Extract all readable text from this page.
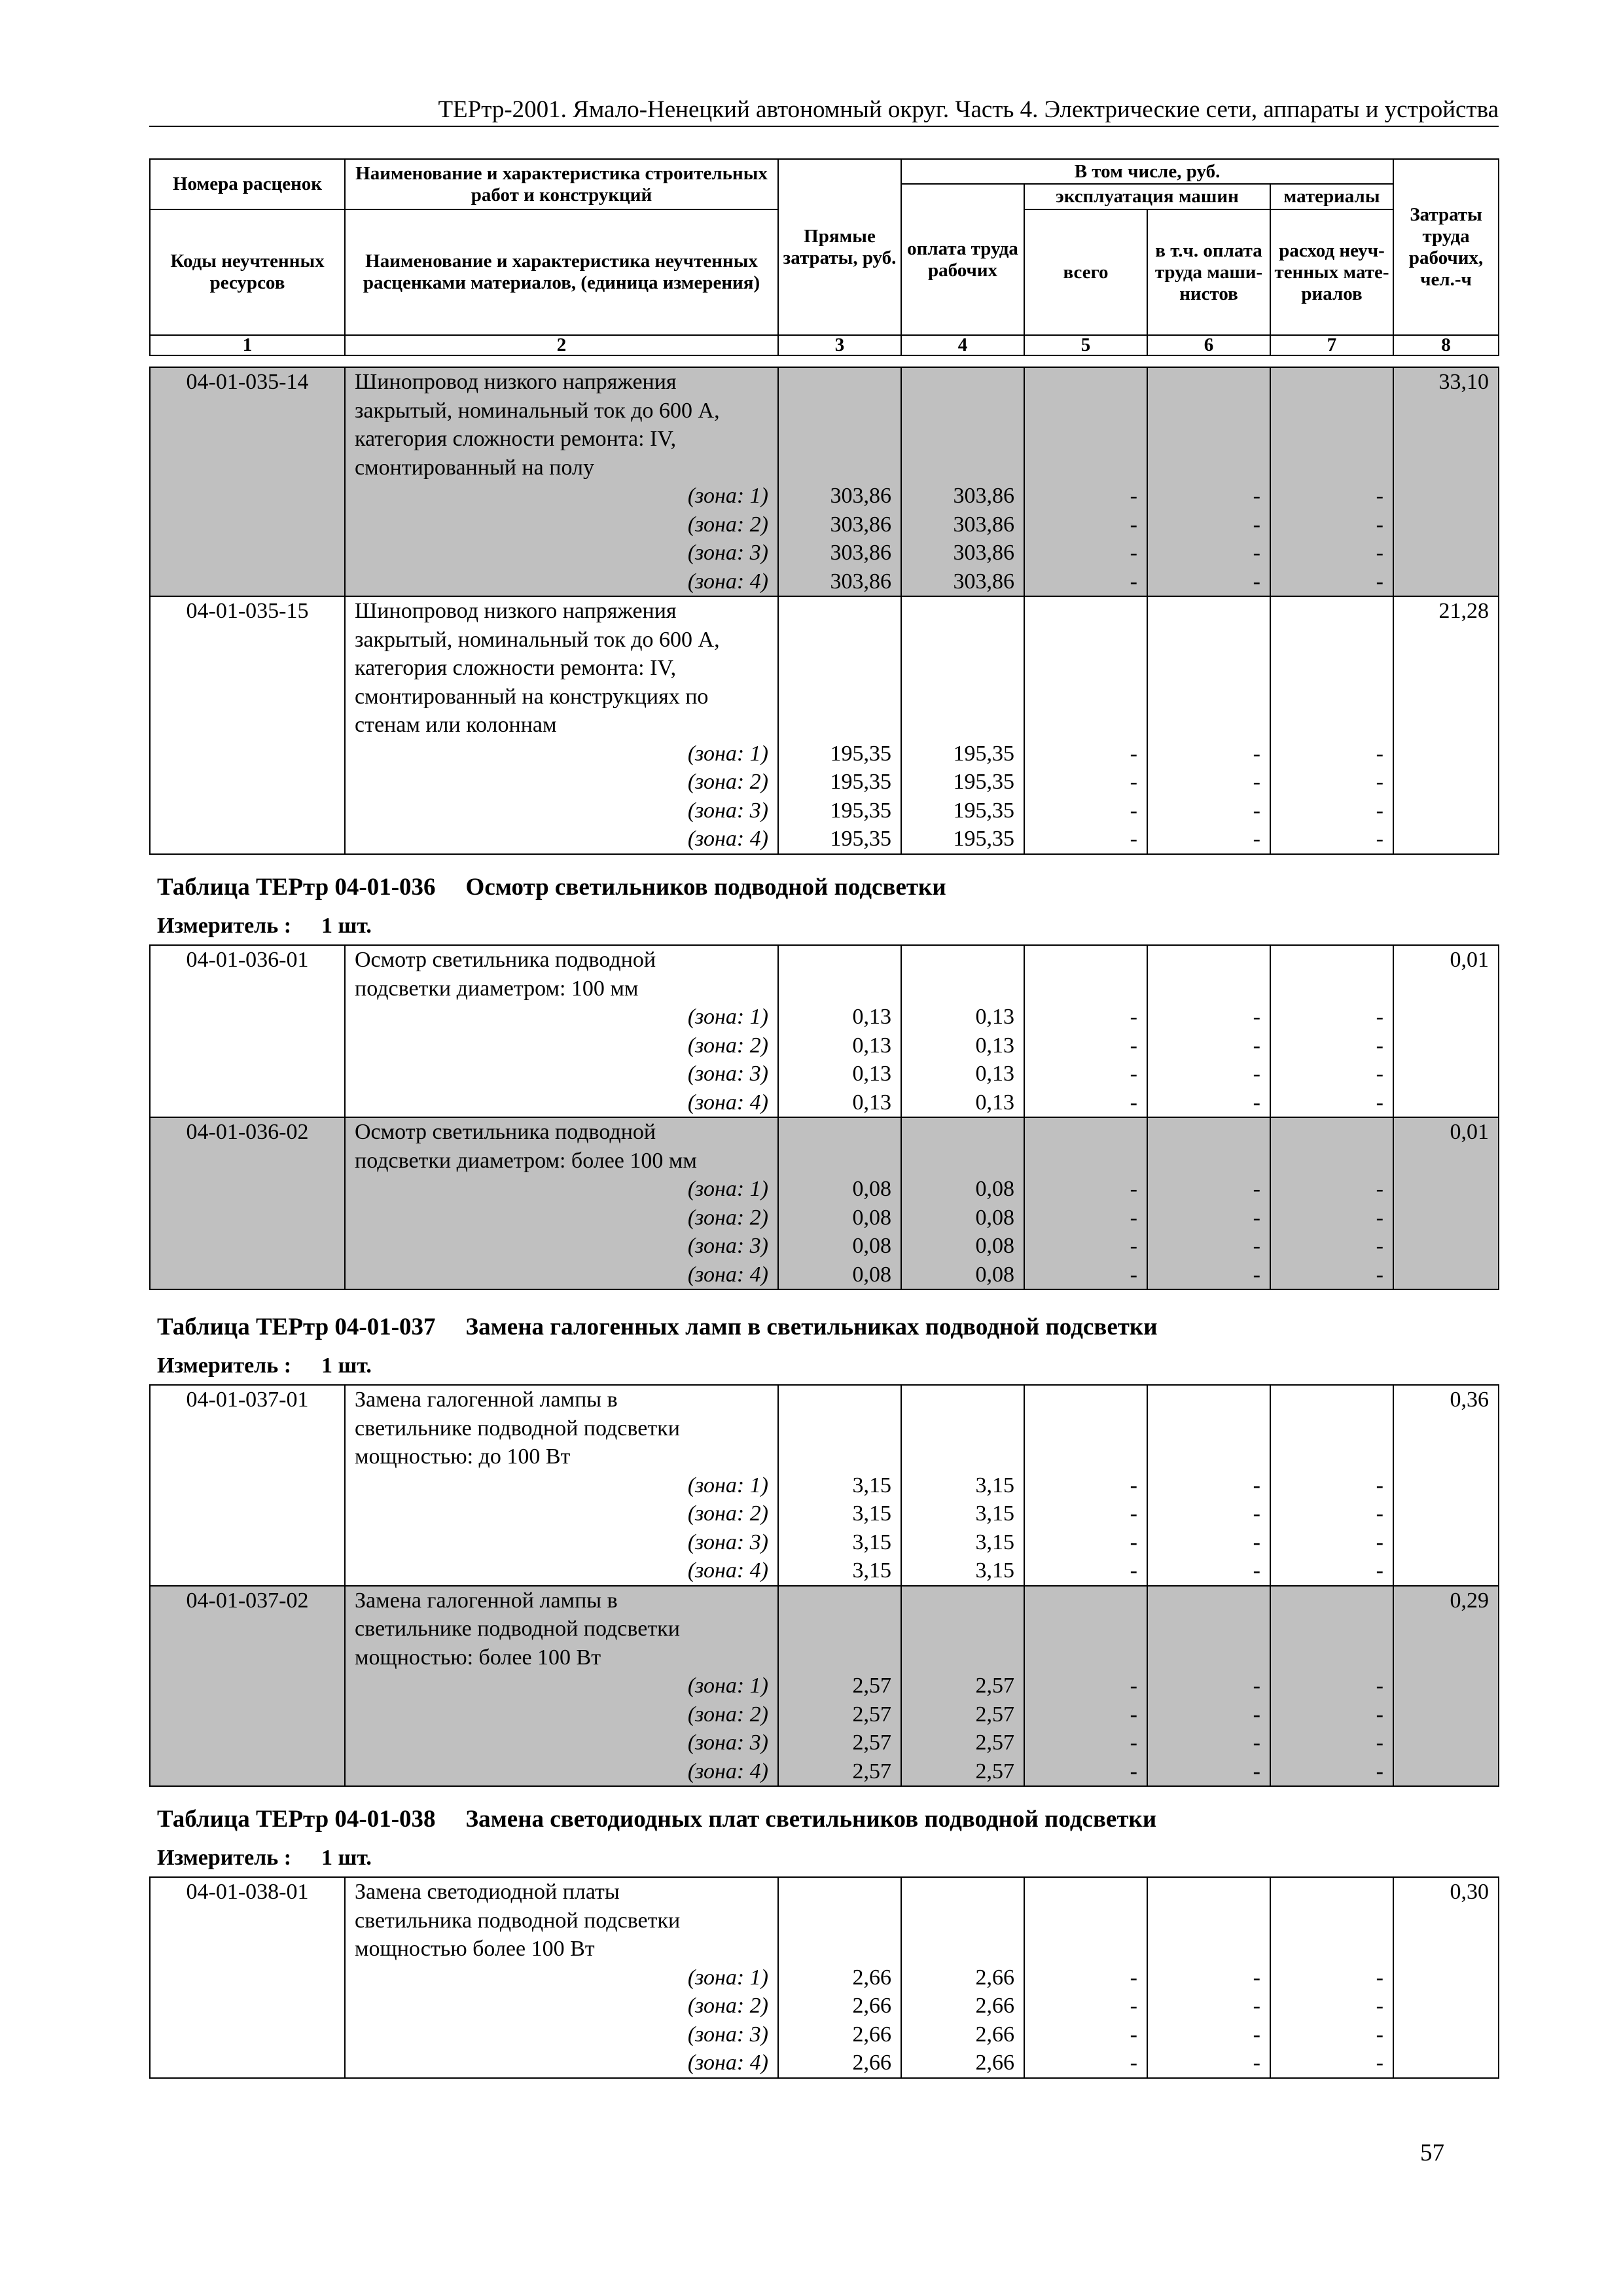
ТЕРтр-2001. Ямало-Ненецкий автономный округ. Часть 4. Электрические сети, аппараты и устройства
Номера расценок	Наименование и характеристика строительных работ и конструкций	Прямые затраты, руб.	В том числе, руб.				Затраты труда рабочих, чел.-ч
			оплата труда рабочих	эксплуатация машин		материалы	
Коды неучтенных ресурсов	Наименование и характеристика неучтенных расценками материалов, (единица измерения)			всего	в т.ч. оплата труда маши-нистов	расход неуч-тенных мате-риалов	

1	2	3	4	5	6	7	8
04-01-035-14	Шинопровод низкого напряжения						33,10
	закрытый, номинальный ток до 600 А,						
	категория сложности ремонта: IV,						
	смонтированный на полу						
	(зона: 1)	303,86	303,86	-	-	-	
	(зона: 2)	303,86	303,86	-	-	-	
	(зона: 3)	303,86	303,86	-	-	-	
	(зона: 4)	303,86	303,86	-	-	-	
04-01-035-15	Шинопровод низкого напряжения						21,28
	закрытый, номинальный ток до 600 А,						
	категория сложности ремонта: IV,						
	смонтированный на конструкциях по						
	стенам или колоннам						
	(зона: 1)	195,35	195,35	-	-	-	
	(зона: 2)	195,35	195,35	-	-	-	
	(зона: 3)	195,35	195,35	-	-	-	
	(зона: 4)	195,35	195,35	-	-	-	
Таблица ТЕРтр 04-01-036 Осмотр светильников подводной подсветки
Измеритель : 1 шт.
04-01-036-01	Осмотр светильника подводной						0,01
	подсветки диаметром: 100 мм						
	(зона: 1)	0,13	0,13	-	-	-	
	(зона: 2)	0,13	0,13	-	-	-	
	(зона: 3)	0,13	0,13	-	-	-	
	(зона: 4)	0,13	0,13	-	-	-	
04-01-036-02	Осмотр светильника подводной						0,01
	подсветки диаметром: более 100 мм						
	(зона: 1)	0,08	0,08	-	-	-	
	(зона: 2)	0,08	0,08	-	-	-	
	(зона: 3)	0,08	0,08	-	-	-	
	(зона: 4)	0,08	0,08	-	-	-	
Таблица ТЕРтр 04-01-037 Замена галогенных ламп в светильниках подводной подсветки
Измеритель : 1 шт.
04-01-037-01	Замена галогенной лампы в						0,36
	светильнике подводной подсветки						
	мощностью: до 100 Вт						
	(зона: 1)	3,15	3,15	-	-	-	
	(зона: 2)	3,15	3,15	-	-	-	
	(зона: 3)	3,15	3,15	-	-	-	
	(зона: 4)	3,15	3,15	-	-	-	
04-01-037-02	Замена галогенной лампы в						0,29
	светильнике подводной подсветки						
	мощностью: более 100 Вт						
	(зона: 1)	2,57	2,57	-	-	-	
	(зона: 2)	2,57	2,57	-	-	-	
	(зона: 3)	2,57	2,57	-	-	-	
	(зона: 4)	2,57	2,57	-	-	-	
Таблица ТЕРтр 04-01-038 Замена светодиодных плат светильников подводной подсветки
Измеритель : 1 шт.
04-01-038-01	Замена светодиодной платы						0,30
	светильника подводной подсветки						
	мощностью более 100 Вт						
	(зона: 1)	2,66	2,66	-	-	-	
	(зона: 2)	2,66	2,66	-	-	-	
	(зона: 3)	2,66	2,66	-	-	-	
	(зона: 4)	2,66	2,66	-	-	-	
57
